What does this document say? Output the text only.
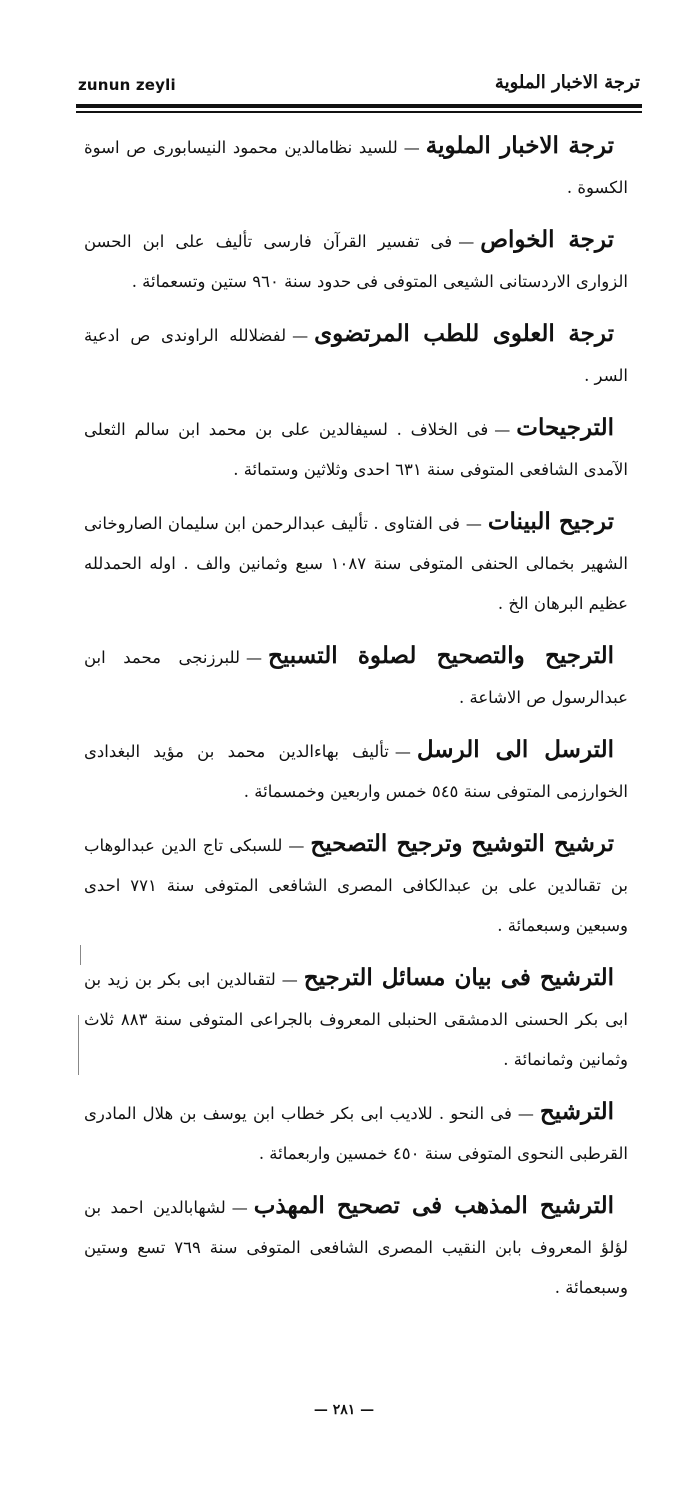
zunun zeyli	ترجة الاخبار الملوية

ترجة الاخبار الملوية—للسيد نظامالدين محمود النيسابورى ص اسوة الكسوة .

ترجة الخواص—فى تفسير القرآن فارسى تأليف على ابن الحسن الزوارى الاردستانى الشيعى المتوفى فى حدود سنة ٩٦٠ ستين وتسعمائة .

ترجة العلوى للطب المرتضوى—لفضلالله الراوندى ص ادعية السر .

الترجيحات—فى الخلاف . لسيفالدين على بن محمد ابن سالم الثعلى الآمدى الشافعى المتوفى سنة ٦٣١ احدى وثلاثين وستمائة .

ترجيح البينات—فى الفتاوى . تأليف عبدالرحمن ابن سليمان الصاروخانى الشهير بخمالى الحنفى المتوفى سنة ١٠٨٧ سبع وثمانين والف . اوله الحمدلله عظيم البرهان الخ .

الترجيح والتصحيح لصلوة التسبيح—للبرزنجى محمد ابن عبدالرسول ص الاشاعة .

الترسل الى الرسل—تأليف بهاءالدين محمد بن مؤيد البغدادى الخوارزمى المتوفى سنة ٥٤٥ خمس واربعين وخمسمائة .

ترشيح التوشيح وترجيح التصحيح—للسبكى تاج الدين عبدالوهاب بن تقىالدين على بن عبدالكافى المصرى الشافعى المتوفى سنة ٧٧١ احدى وسبعين وسبعمائة .

الترشيح فى بيان مسائل الترجيح—لتقىالدين ابى بكر بن زيد بن ابى بكر الحسنى الدمشقى الحنبلى المعروف بالجراعى المتوفى سنة ٨٨٣ ثلاث وثمانين وثمانمائة .

الترشيح—فى النحو . للاديب ابى بكر خطاب ابن يوسف بن هلال المادرى القرطبى النحوى المتوفى سنة ٤٥٠ خمسين واربعمائة .

الترشيح المذهب فى تصحيح المهذب—لشهابالدين احمد بن لؤلؤ المعروف بابن النقيب المصرى الشافعى المتوفى سنة ٧٦٩ تسع وستين وسبعمائة .

— ٢٨١ —
